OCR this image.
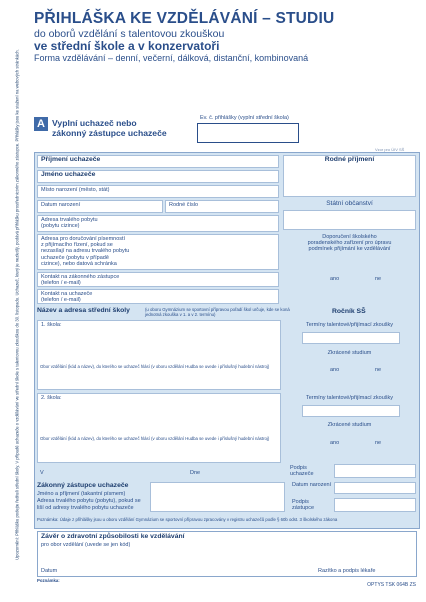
Upozornění: Přihlášku podejte řediteli střední školy. V případě uchazeče o vzdělávání ve střední škole s talentovou zkouškou do 30. listopadu. Uchazeč, který je nezletilý, podává přihlášku prostřednictvím zákonného zástupce. Přihlášky jsou ke stažení na webových stránkách.
PŘIHLÁŠKA KE VZDĚLÁVÁNÍ – STUDIU
do oborů vzdělání s talentovou zkouškou
ve střední škole a v konzervatoři
Forma vzdělávání – denní, večerní, dálková, distanční, kombinovaná
A Vyplní uchazeč nebo
zákonný zástupce uchazeče
Ev. č. přihlášky (vyplní střední škola)
Vzor pro ÚIV SŠ
Příjmení uchazeče
Jméno uchazeče
Místo narození (město, stát)
Datum narození	Rodné číslo
Adresa trvalého pobytu
(pobytu cizince)
Adresa pro doručování písemností
z přijímacího řízení, pokud se
nezasílají na adresu trvalého pobytu
uchazeče (pobytu v případě
cizince), nebo datová schránka
Kontakt na zákonného zástupce
(telefon / e-mail)
Kontakt na uchazeče
(telefon / e-mail)
Rodné příjmení
Státní občanství
Doporučení školského
poradenského zařízení pro úpravu
podmínek přijímání ke vzdělávání
ano	ne
Název a adresa střední školy	(u oboru Gymnázium se sportovní přípravou pořadí škol určuje, kde se koná jednotná zkouška v 1. a v 2. termínu)	Ročník SŠ
1. škola:
Obor vzdělání (kód a název), do kterého se uchazeč hlásí (v oboru vzdělání Hudba se uvede i příslušný hudební nástroj)
Termíny talentové/přijímací zkoušky
Zkrácené studium
ano	ne
2. škola:
Obor vzdělání (kód a název), do kterého se uchazeč hlásí (v oboru vzdělání Hudba se uvede i příslušný hudební nástroj)
Termíny talentové/přijímací zkoušky
Zkrácené studium
ano	ne
V	Dne
Podpis uchazeče
Zákonný zástupce uchazeče
Jméno a příjmení (takantní písmem)
Adresa trvalého pobytu (pobytu), pokud se
liší od adresy trvalého pobytu uchazeče
Datum narození
Podpis zástupce
Poznámka: Údaje z přihlášky jsou u oboru vzdělání Gymnázium se sportovní přípravou zpracovány v registru uchazečů podle § 60b odst. 3 školského zákona
Závěr o zdravotní způsobilosti ke vzdělávání
pro obor vzdělání (uvede se jen kód)
Datum	Razítko a podpis lékaře
Poznámka:
OPTYS TSK 064B ZS
